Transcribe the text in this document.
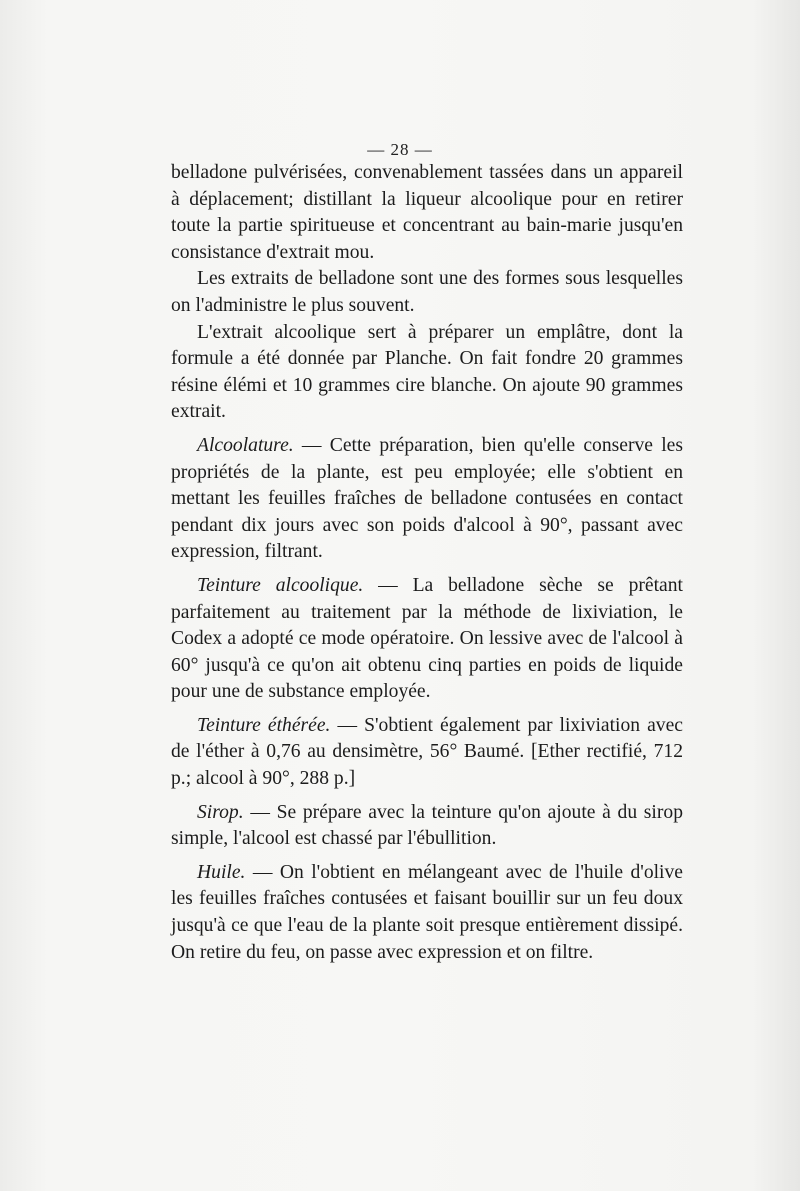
— 28 —

belladone pulvérisées, convenablement tassées dans un appareil à déplacement; distillant la liqueur alcoolique pour en retirer toute la partie spiritueuse et concentrant au bain-marie jusqu'en consistance d'extrait mou.

Les extraits de belladone sont une des formes sous lesquelles on l'administre le plus souvent.

L'extrait alcoolique sert à préparer un emplâtre, dont la formule a été donnée par Planche. On fait fondre 20 grammes résine élémi et 10 grammes cire blanche. On ajoute 90 grammes extrait.

Alcoolature. — Cette préparation, bien qu'elle conserve les propriétés de la plante, est peu employée; elle s'obtient en mettant les feuilles fraîches de belladone contusées en contact pendant dix jours avec son poids d'alcool à 90°, passant avec expression, filtrant.

Teinture alcoolique. — La belladone sèche se prêtant parfaitement au traitement par la méthode de lixiviation, le Codex a adopté ce mode opératoire. On lessive avec de l'alcool à 60° jusqu'à ce qu'on ait obtenu cinq parties en poids de liquide pour une de substance employée.

Teinture éthérée. — S'obtient également par lixiviation avec de l'éther à 0,76 au densimètre, 56° Baumé. [Ether rectifié, 712 p.; alcool à 90°, 288 p.]

Sirop. — Se prépare avec la teinture qu'on ajoute à du sirop simple, l'alcool est chassé par l'ébullition.

Huile. — On l'obtient en mélangeant avec de l'huile d'olive les feuilles fraîches contusées et faisant bouillir sur un feu doux jusqu'à ce que l'eau de la plante soit presque entièrement dissipé. On retire du feu, on passe avec expression et on filtre.
